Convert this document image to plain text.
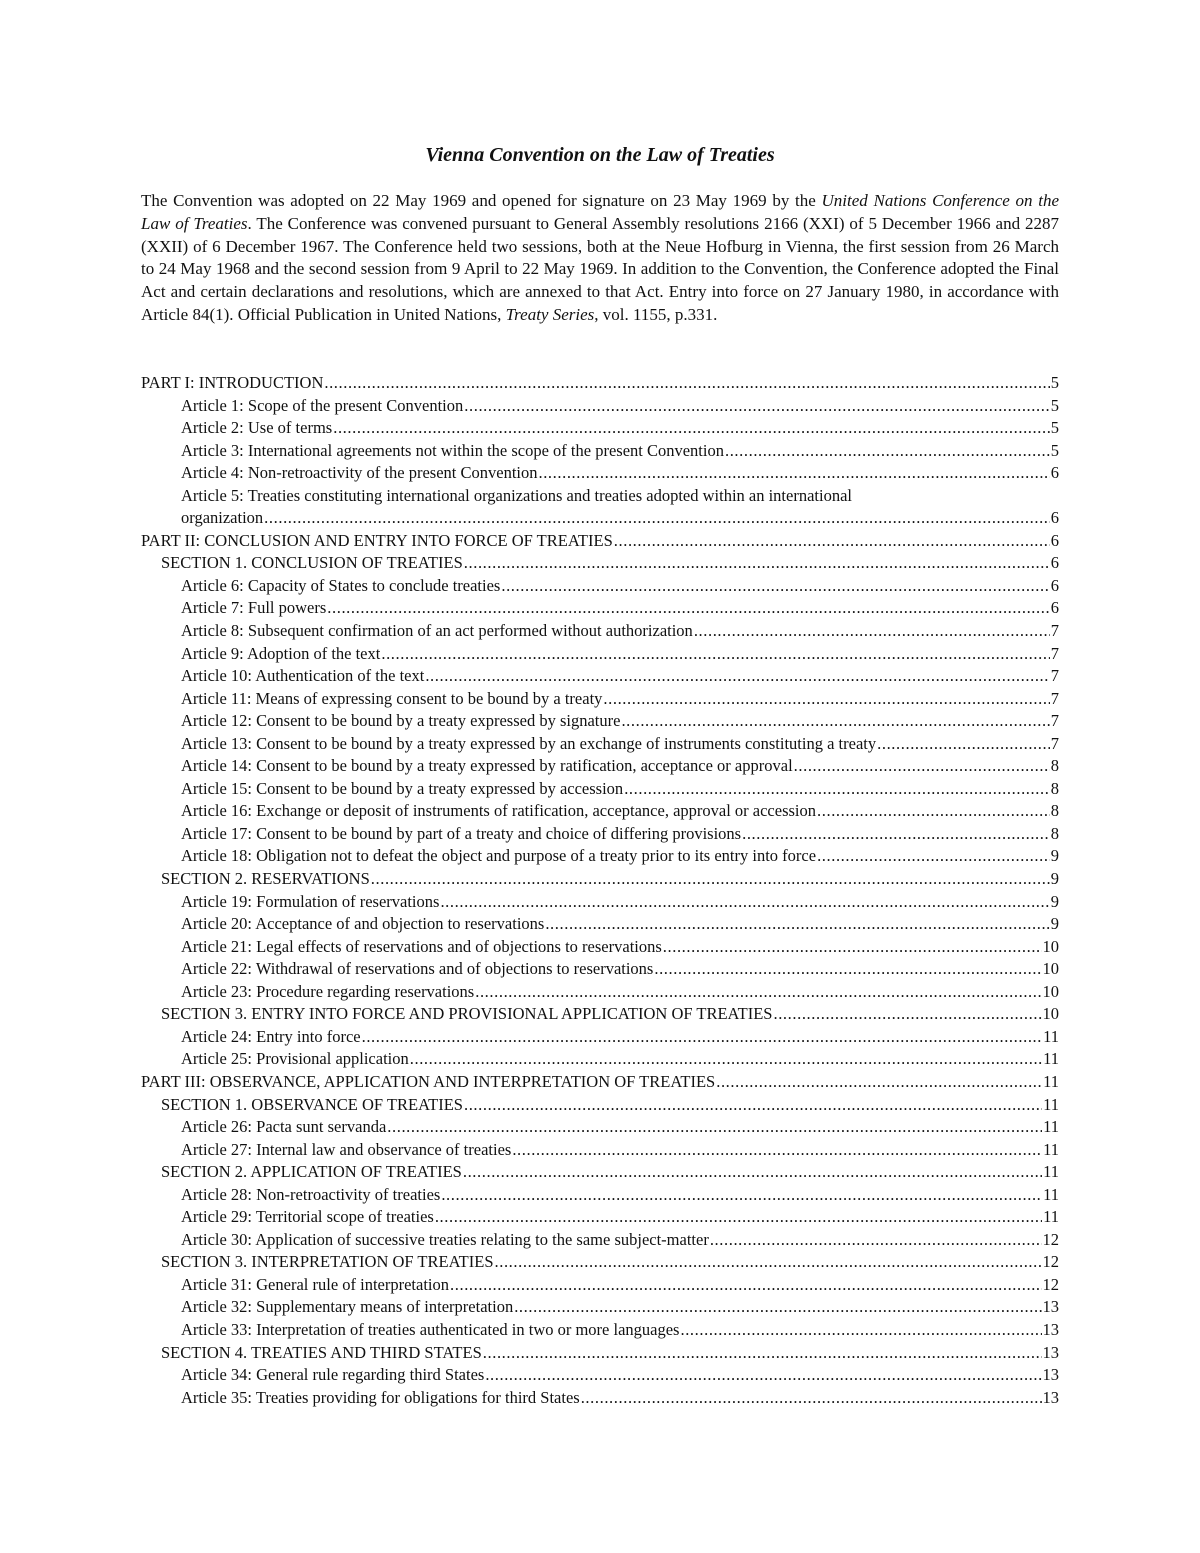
Vienna Convention on the Law of Treaties

The Convention was adopted on 22 May 1969 and opened for signature on 23 May 1969 by the United Nations Conference on the Law of Treaties. The Conference was convened pursuant to General Assembly resolutions 2166 (XXI) of 5 December 1966 and 2287 (XXII) of 6 December 1967. The Conference held two sessions, both at the Neue Hofburg in Vienna, the first session from 26 March to 24 May 1968 and the second session from 9 April to 22 May 1969. In addition to the Convention, the Conference adopted the Final Act and certain declarations and resolutions, which are annexed to that Act. Entry into force on 27 January 1980, in accordance with Article 84(1). Official Publication in United Nations, Treaty Series, vol. 1155, p.331.

PART I: INTRODUCTION .....	5
Article 1: Scope of the present Convention .....	5
Article 2: Use of terms .....	5
Article 3: International agreements not within the scope of the present Convention .....	5
Article 4: Non-retroactivity of the present Convention .....	6
Article 5: Treaties constituting international organizations and treaties adopted within an international
organization .....	6
PART II: CONCLUSION AND ENTRY INTO FORCE OF TREATIES .....	6
SECTION 1. CONCLUSION OF TREATIES .....	6
Article 6: Capacity of States to conclude treaties .....	6
Article 7: Full powers .....	6
Article 8: Subsequent confirmation of an act performed without authorization .....	7
Article 9: Adoption of the text .....	7
Article 10: Authentication of the text .....	7
Article 11: Means of expressing consent to be bound by a treaty .....	7
Article 12: Consent to be bound by a treaty expressed by signature .....	7
Article 13: Consent to be bound by a treaty expressed by an exchange of instruments constituting a treaty .....	7
Article 14: Consent to be bound by a treaty expressed by ratification, acceptance or approval .....	8
Article 15: Consent to be bound by a treaty expressed by accession .....	8
Article 16: Exchange or deposit of instruments of ratification, acceptance, approval or accession .....	8
Article 17: Consent to be bound by part of a treaty and choice of differing provisions .....	8
Article 18: Obligation not to defeat the object and purpose of a treaty prior to its entry into force .....	9
SECTION 2. RESERVATIONS .....	9
Article 19: Formulation of reservations .....	9
Article 20: Acceptance of and objection to reservations .....	9
Article 21: Legal effects of reservations and of objections to reservations .....	10
Article 22: Withdrawal of reservations and of objections to reservations .....	10
Article 23: Procedure regarding reservations .....	10
SECTION 3. ENTRY INTO FORCE AND PROVISIONAL APPLICATION OF TREATIES .....	10
Article 24: Entry into force .....	11
Article 25: Provisional application .....	11
PART III: OBSERVANCE, APPLICATION AND INTERPRETATION OF TREATIES .....	11
SECTION 1. OBSERVANCE OF TREATIES .....	11
Article 26: Pacta sunt servanda .....	11
Article 27: Internal law and observance of treaties .....	11
SECTION 2. APPLICATION OF TREATIES .....	11
Article 28: Non-retroactivity of treaties .....	11
Article 29: Territorial scope of treaties .....	11
Article 30: Application of successive treaties relating to the same subject-matter .....	12
SECTION 3. INTERPRETATION OF TREATIES .....	12
Article 31: General rule of interpretation .....	12
Article 32: Supplementary means of interpretation .....	13
Article 33: Interpretation of treaties authenticated in two or more languages .....	13
SECTION 4. TREATIES AND THIRD STATES .....	13
Article 34: General rule regarding third States .....	13
Article 35: Treaties providing for obligations for third States .....	13
